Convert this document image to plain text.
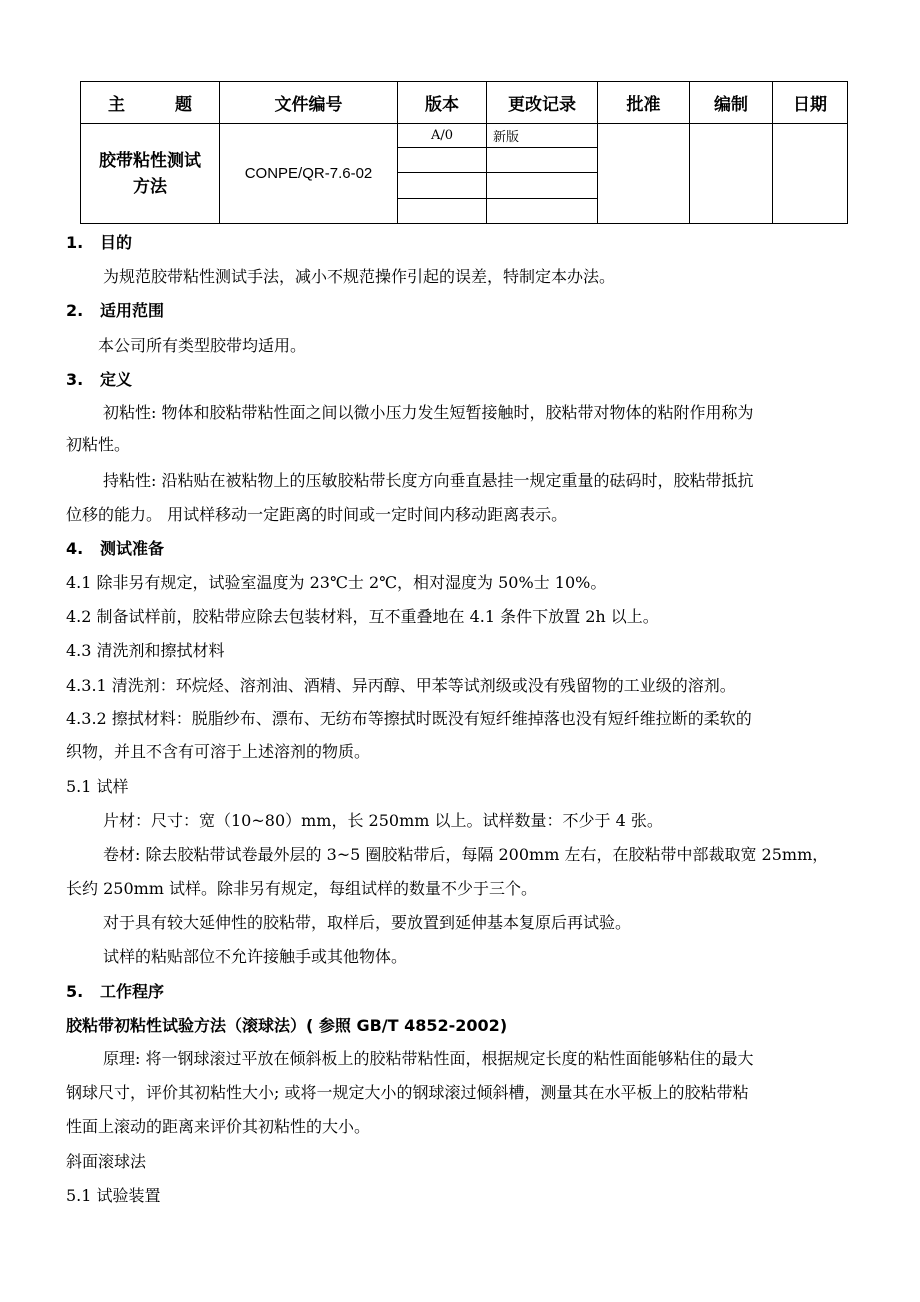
主 题	文件编号	版本	更改记录	批准	编制	日期

胶带粘性测试
方法	CONPE/QR-7.6-02	A/0	新版			

1. 目的
为规范胶带粘性测试手法，减小不规范操作引起的误差，特制定本办法。
2. 适用范围
本公司所有类型胶带均适用。
3. 定义
初粘性: 物体和胶粘带粘性面之间以微小压力发生短暂接触时，胶粘带对物体的粘附作用称为
初粘性。
持粘性: 沿粘贴在被粘物上的压敏胶粘带长度方向垂直悬挂一规定重量的砝码时，胶粘带抵抗
位移的能力。 用试样移动一定距离的时间或一定时间内移动距离表示。
4. 测试准备
4.1 除非另有规定，试验室温度为 23℃士 2℃，相对湿度为 50%士 10%。
4.2 制备试样前，胶粘带应除去包装材料，互不重叠地在 4.1 条件下放置 2h 以上。
4.3 清洗剂和擦拭材料
4.3.1 清洗剂：环烷烃、溶剂油、酒精、异丙醇、甲苯等试剂级或没有残留物的工业级的溶剂。
4.3.2 擦拭材料：脱脂纱布、漂布、无纺布等擦拭时既没有短纤维掉落也没有短纤维拉断的柔软的
织物，并且不含有可溶于上述溶剂的物质。
5.1 试样
片材：尺寸：宽（10~80）mm，长 250mm 以上。试样数量：不少于 4 张。
卷材: 除去胶粘带试卷最外层的 3~5 圈胶粘带后，每隔 200mm 左右，在胶粘带中部裁取宽 25mm，
长约 250mm 试样。除非另有规定，每组试样的数量不少于三个。
对于具有较大延伸性的胶粘带，取样后，要放置到延伸基本复原后再试验。
试样的粘贴部位不允许接触手或其他物体。
5. 工作程序
胶粘带初粘性试验方法（滚球法）( 参照 GB/T 4852-2002)
原理: 将一钢球滚过平放在倾斜板上的胶粘带粘性面，根据规定长度的粘性面能够粘住的最大
钢球尺寸，评价其初粘性大小; 或将一规定大小的钢球滚过倾斜槽，测量其在水平板上的胶粘带粘
性面上滚动的距离来评价其初粘性的大小。
斜面滚球法
5.1 试验装置
